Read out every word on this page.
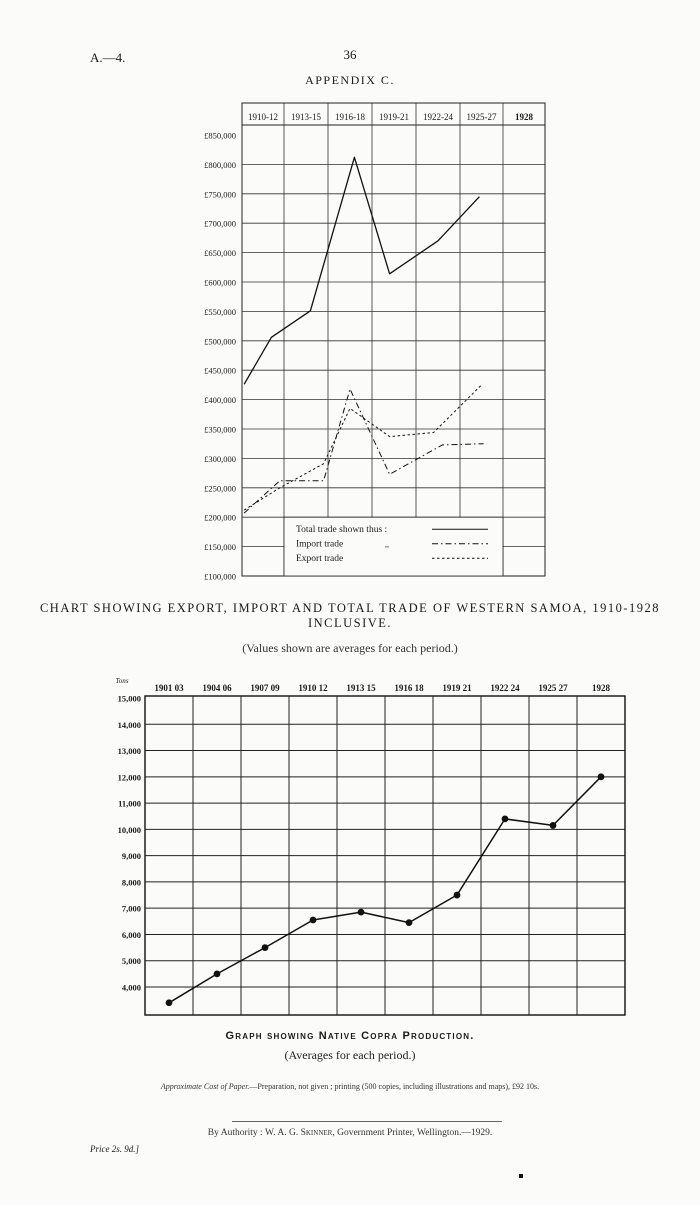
A.—4.	36
APPENDIX C.
1910-12 1913-15 1916-18 1919-21 1922-24 1925-27 1928
£850,000
£800,000
£750,000
£700,000
£650,000
£600,000
£550,000
£500,000
£450,000
£400,000
£350,000
£300,000
£250,000
£200,000
£150,000
£100,000
Total trade shown thus :
Import trade
Export trade
,,
CHART SHOWING EXPORT, IMPORT AND TOTAL TRADE OF WESTERN SAMOA, 1910-1928 INCLUSIVE.
(Values shown are averages for each period.)
1901 03 1904 06 1907 09 1910 12 1913 15 1916 18 1919 21 1922 24 1925 27	1928
Tons
15,000
14,000
13,000
12,000
11,000
10,000
9,000
8,000
7,000
6,000
5,000
4,000
Graph showing Native Copra Production.
(Averages for each period.)
Approximate Cost of Paper.—Preparation, not given ; printing (500 copies, including illustrations and maps), £92 10s.
By Authority : W. A. G. Skinner, Government Printer, Wellington.—1929.
Price 2s. 9d.]
